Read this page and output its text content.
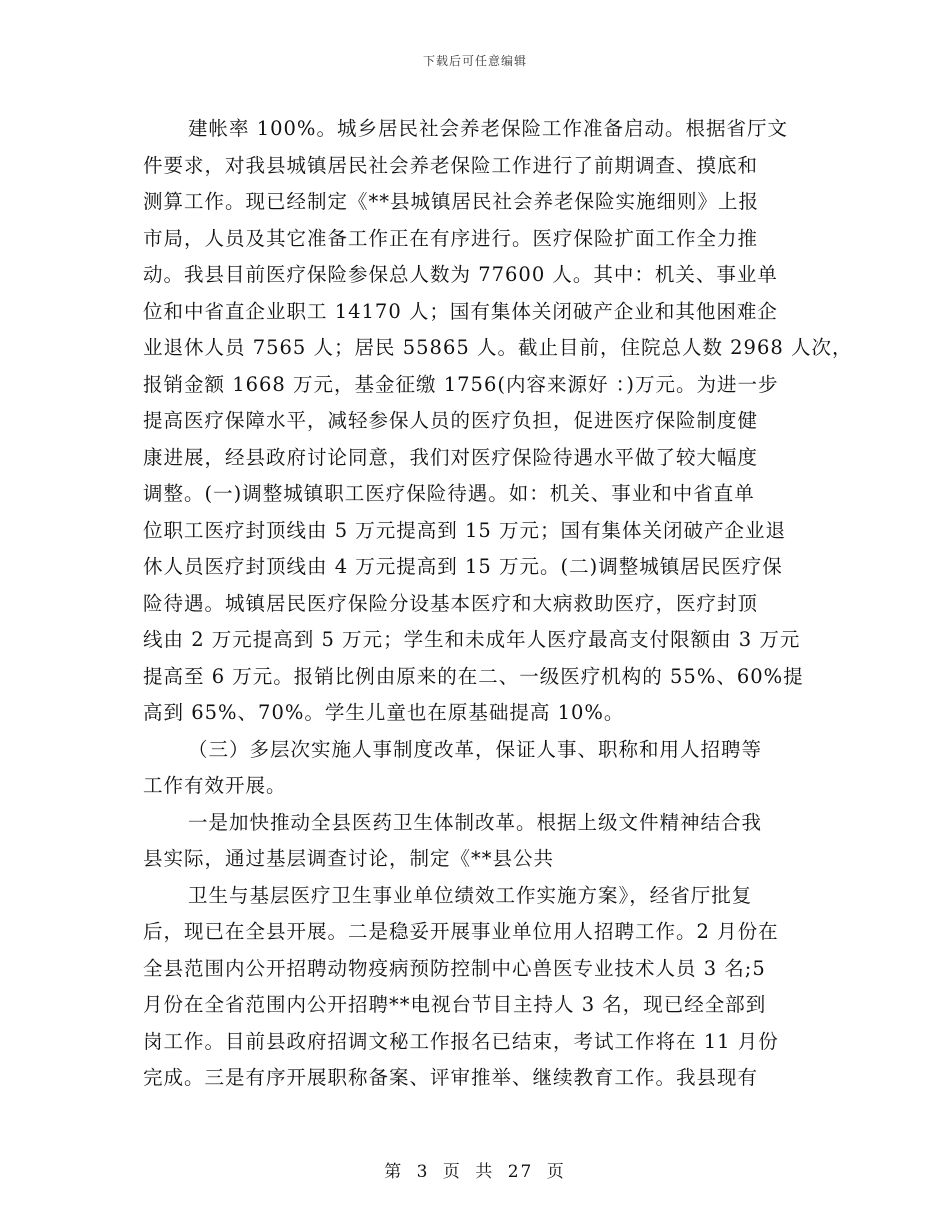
下载后可任意编辑
建帐率 100%。城乡居民社会养老保险工作准备启动。根据省厅文
件要求，对我县城镇居民社会养老保险工作进行了前期调查、摸底和
测算工作。现已经制定《**县城镇居民社会养老保险实施细则》上报
市局，人员及其它准备工作正在有序进行。医疗保险扩面工作全力推
动。我县目前医疗保险参保总人数为 77600 人。其中：机关、事业单
位和中省直企业职工 14170 人；国有集体关闭破产企业和其他困难企
业退休人员 7565 人；居民 55865 人。截止目前，住院总人数 2968 人次，
报销金额 1668 万元，基金征缴 1756(内容来源好 ：)万元。为进一步
提高医疗保障水平，减轻参保人员的医疗负担，促进医疗保险制度健
康进展，经县政府讨论同意，我们对医疗保险待遇水平做了较大幅度
调整。(一)调整城镇职工医疗保险待遇。如：机关、事业和中省直单
位职工医疗封顶线由 5 万元提高到 15 万元；国有集体关闭破产企业退
休人员医疗封顶线由 4 万元提高到 15 万元。(二)调整城镇居民医疗保
险待遇。城镇居民医疗保险分设基本医疗和大病救助医疗，医疗封顶
线由 2 万元提高到 5 万元；学生和未成年人医疗最高支付限额由 3 万元
提高至 6 万元。报销比例由原来的在二、一级医疗机构的 55%、60%提
高到 65%、70%。学生儿童也在原基础提高 10%。
（三）多层次实施人事制度改革，保证人事、职称和用人招聘等
工作有效开展。
一是加快推动全县医药卫生体制改革。根据上级文件精神结合我
县实际，通过基层调查讨论，制定《**县公共
卫生与基层医疗卫生事业单位绩效工作实施方案》，经省厅批复
后，现已在全县开展。二是稳妥开展事业单位用人招聘工作。2 月份在
全县范围内公开招聘动物疫病预防控制中心兽医专业技术人员 3 名;5
月份在全省范围内公开招聘**电视台节目主持人 3 名，现已经全部到
岗工作。目前县政府招调文秘工作报名已结束，考试工作将在 11 月份
完成。三是有序开展职称备案、评审推举、继续教育工作。我县现有
第 3 页 共 27 页
